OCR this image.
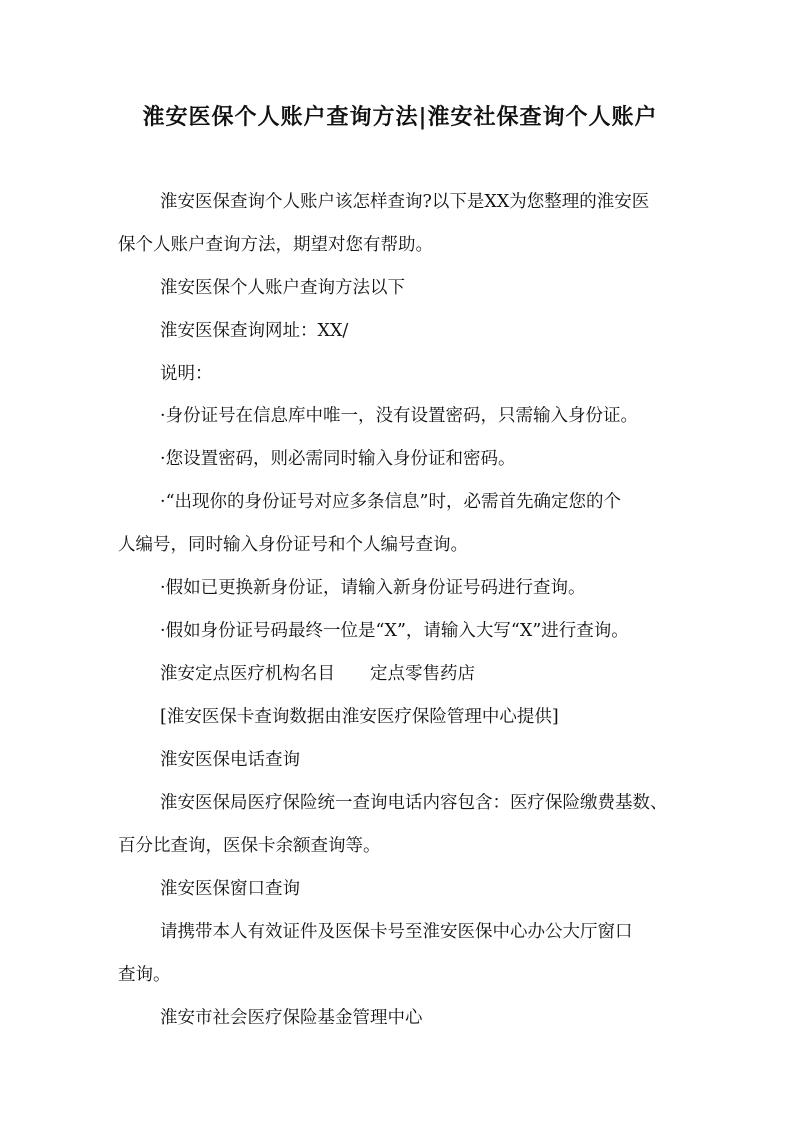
淮安医保个人账户查询方法|淮安社保查询个人账户
淮安医保查询个人账户该怎样查询?以下是XX为您整理的淮安医
保个人账户查询方法，期望对您有帮助。
淮安医保个人账户查询方法以下
淮安医保查询网址：XX/
说明：
·身份证号在信息库中唯一，没有设置密码，只需输入身份证。
·您设置密码，则必需同时输入身份证和密码。
·“出现你的身份证号对应多条信息”时，必需首先确定您的个
人编号，同时输入身份证号和个人编号查询。
·假如已更换新身份证，请输入新身份证号码进行查询。
·假如身份证号码最终一位是“X”，请输入大写“X”进行查询。
淮安定点医疗机构名目　　定点零售药店
[淮安医保卡查询数据由淮安医疗保险管理中心提供]
淮安医保电话查询
淮安医保局医疗保险统一查询电话内容包含：医疗保险缴费基数、
百分比查询，医保卡余额查询等。
淮安医保窗口查询
请携带本人有效证件及医保卡号至淮安医保中心办公大厅窗口
查询。
淮安市社会医疗保险基金管理中心
